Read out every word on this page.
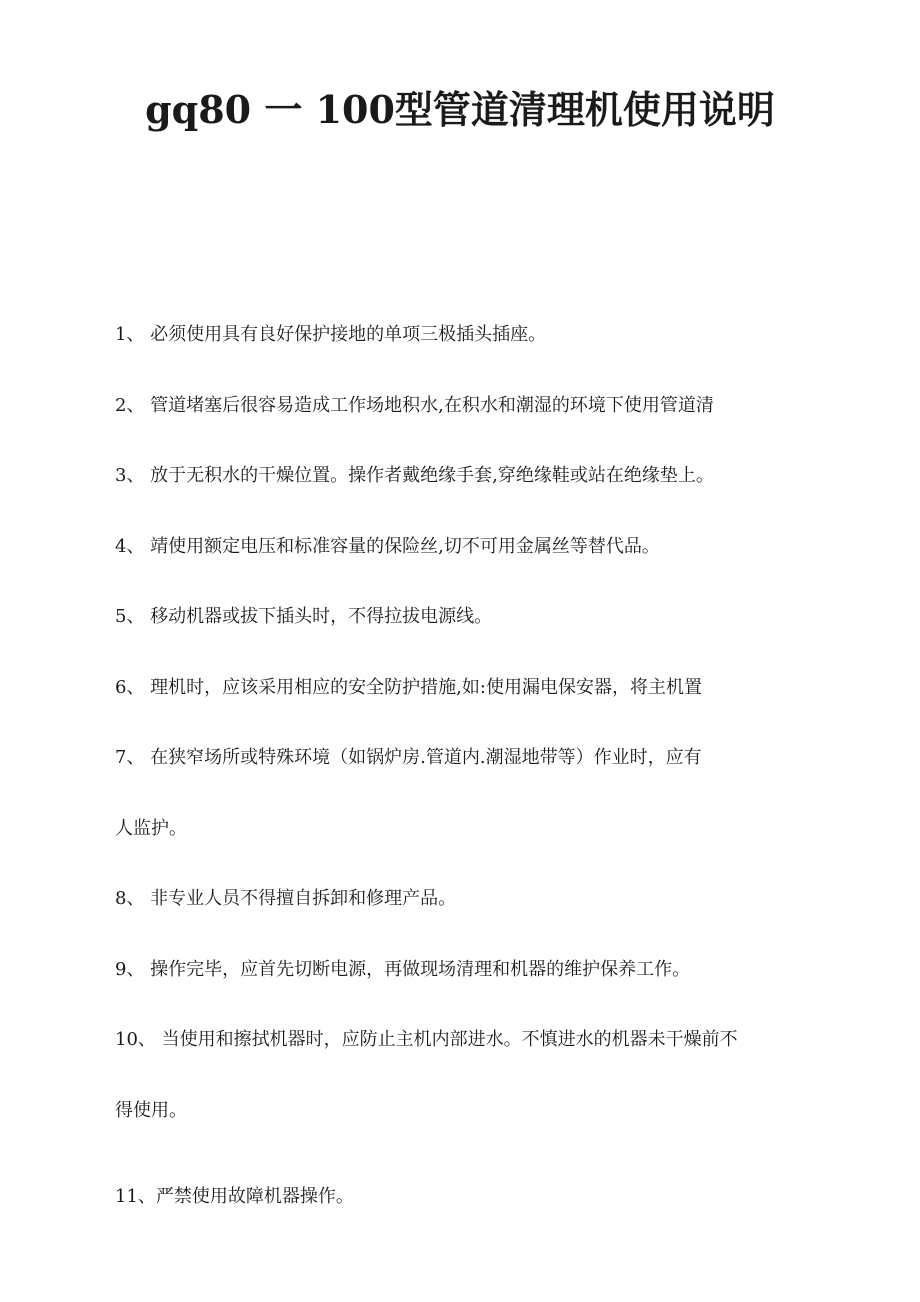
gq80 一 100型管道清理机使用说明

1、 必须使用具有良好保护接地的单项三极插头插座。

2、 管道堵塞后很容易造成工作场地积水,在积水和潮湿的环境下使用管道清

3、 放于无积水的干燥位置。操作者戴绝缘手套,穿绝缘鞋或站在绝缘垫上。

4、 靖使用额定电压和标准容量的保险丝,切不可用金属丝等替代品。

5、 移动机器或拔下插头时，不得拉拔电源线。

6、 理机时，应该采用相应的安全防护措施,如:使用漏电保安器，将主机置

7、 在狭窄场所或特殊环境（如锅炉房.管道内.潮湿地带等）作业时，应有

人监护。

8、 非专业人员不得擅自拆卸和修理产品。

9、 操作完毕，应首先切断电源，再做现场清理和机器的维护保养工作。

10、 当使用和擦拭机器时，应防止主机内部进水。不慎进水的机器未干燥前不

得使用。

11、严禁使用故障机器操作。
